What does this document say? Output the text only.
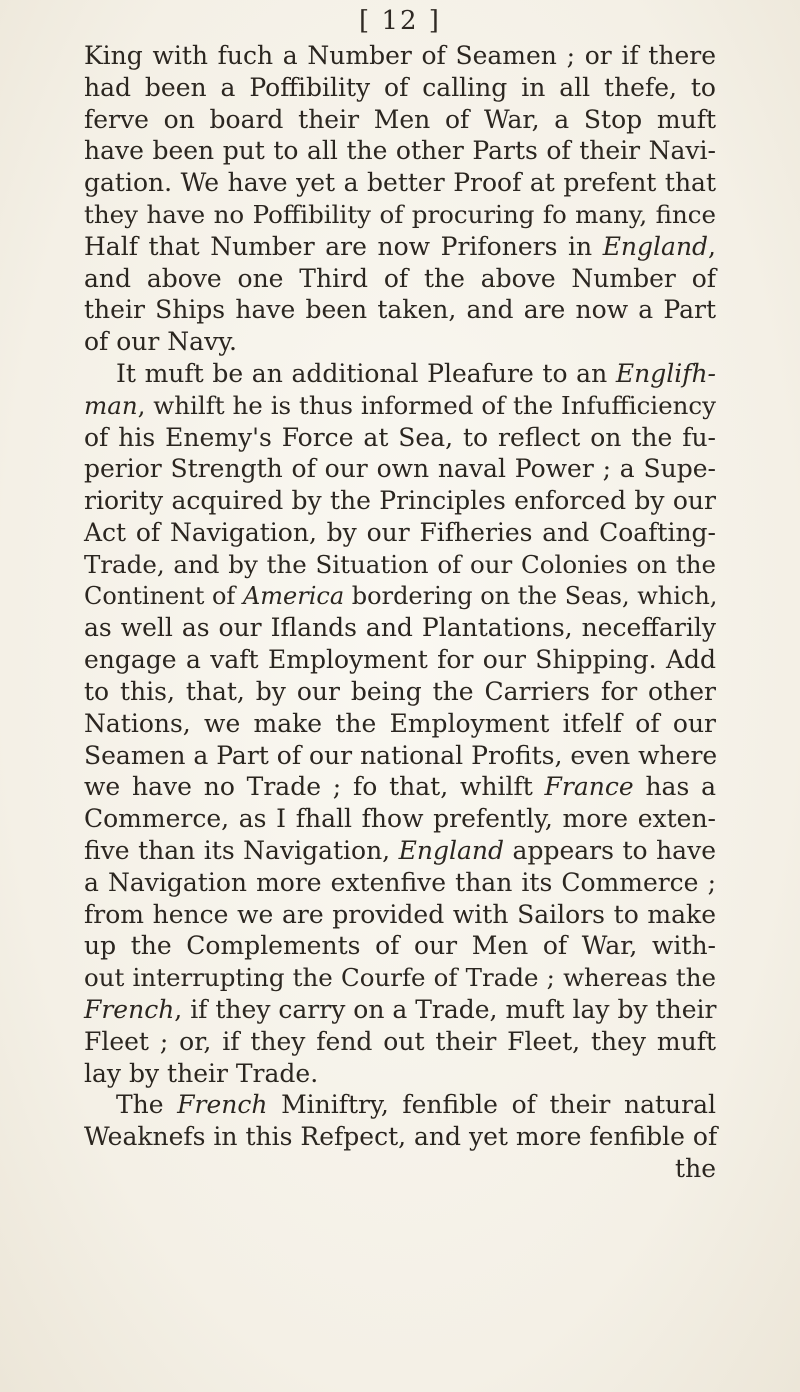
[ 12 ]
King with fuch a Number of Seamen ; or if there
had been a Poffibility of calling in all thefe, to
ferve on board their Men of War, a Stop muft
have been put to all the other Parts of their Navi-
gation. We have yet a better Proof at prefent that
they have no Poffibility of procuring fo many, fince
Half that Number are now Prifoners in England,
and above one Third of the above Number of
their Ships have been taken, and are now a Part
of our Navy.
It muft be an additional Pleafure to an Englifh-
man, whilft he is thus informed of the Infufficiency
of his Enemy's Force at Sea, to reflect on the fu-
perior Strength of our own naval Power ; a Supe-
riority acquired by the Principles enforced by our
Act of Navigation, by our Fifheries and Coafting-
Trade, and by the Situation of our Colonies on the
Continent of America bordering on the Seas, which,
as well as our Iflands and Plantations, neceffarily
engage a vaft Employment for our Shipping. Add
to this, that, by our being the Carriers for other
Nations, we make the Employment itfelf of our
Seamen a Part of our national Profits, even where
we have no Trade ; fo that, whilft France has a
Commerce, as I fhall fhow prefently, more exten-
five than its Navigation, England appears to have
a Navigation more extenfive than its Commerce ;
from hence we are provided with Sailors to make
up the Complements of our Men of War, with-
out interrupting the Courfe of Trade ; whereas the
French, if they carry on a Trade, muft lay by their
Fleet ; or, if they fend out their Fleet, they muft
lay by their Trade.
The French Miniftry, fenfible of their natural
Weaknefs in this Refpect, and yet more fenfible of
the
